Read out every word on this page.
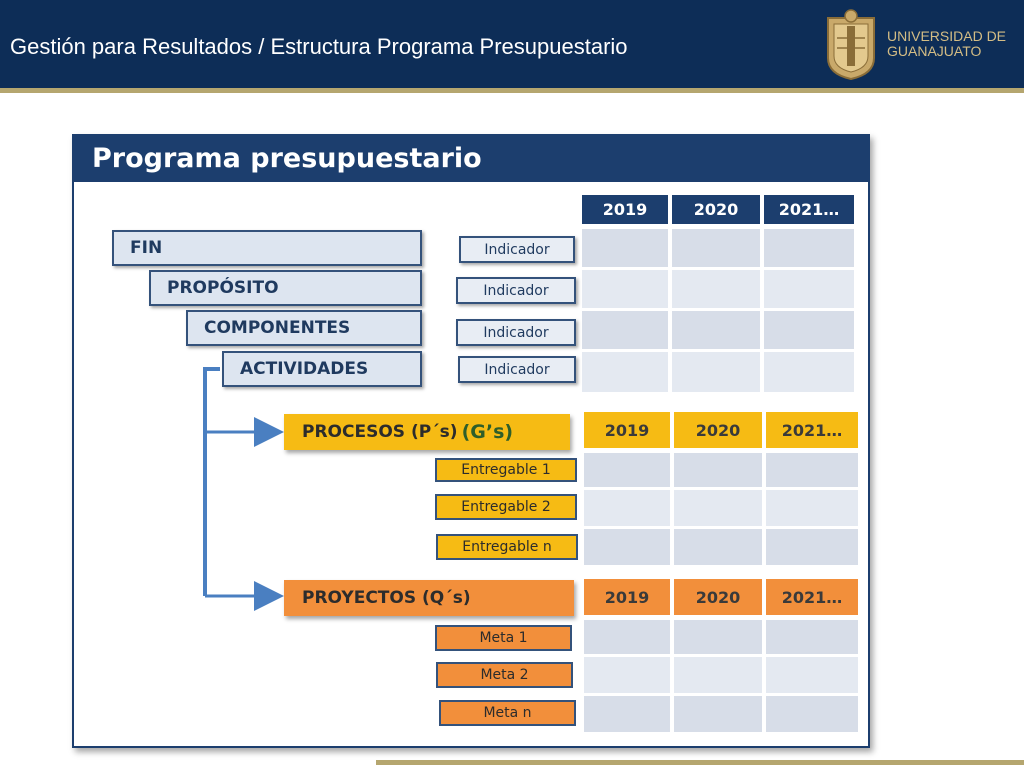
Gestión para Resultados / Estructura Programa Presupuestario	UNIVERSIDAD DE
GUANAJUATO
Programa presupuestario
2019	2020	2021…
FIN
PROPÓSITO
COMPONENTES
ACTIVIDADES
Indicador
Indicador
Indicador
Indicador
PROCESOS (P´s) (G’s)	2019	2020	2021…
Entregable 1
Entregable 2
Entregable n
PROYECTOS (Q´s)	2019	2020	2021…
Meta 1
Meta 2
Meta n
